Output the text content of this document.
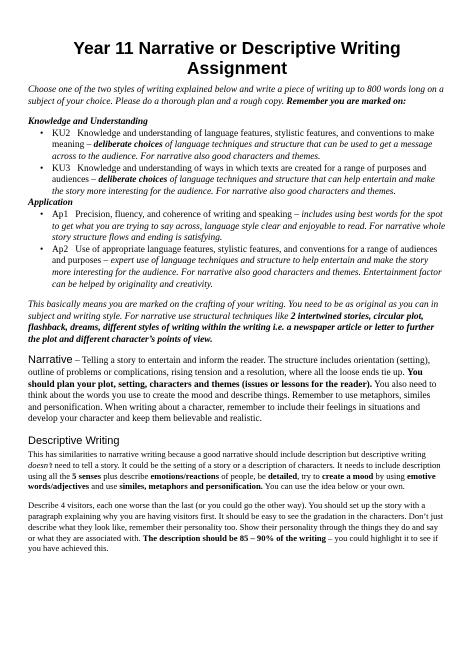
Year 11 Narrative or Descriptive Writing Assignment

Choose one of the two styles of writing explained below and write a piece of writing up to 800 words long on a subject of your choice. Please do a thorough plan and a rough copy. Remember you are marked on:

Knowledge and Understanding
• KU2 Knowledge and understanding of language features, stylistic features, and conventions to make meaning – deliberate choices of language techniques and structure that can be used to get a message across to the audience. For narrative also good characters and themes.
• KU3 Knowledge and understanding of ways in which texts are created for a range of purposes and audiences – deliberate choices of language techniques and structure that can help entertain and make the story more interesting for the audience. For narrative also good characters and themes.
Application
• Ap1 Precision, fluency, and coherence of writing and speaking – includes using best words for the spot to get what you are trying to say across, language style clear and enjoyable to read. For narrative whole story structure flows and ending is satisfying.
• Ap2 Use of appropriate language features, stylistic features, and conventions for a range of audiences and purposes – expert use of language techniques and structure to help entertain and make the story more interesting for the audience. For narrative also good characters and themes. Entertainment factor can be helped by originality and creativity.

This basically means you are marked on the crafting of your writing. You need to be as original as you can in subject and writing style. For narrative use structural techniques like 2 intertwined stories, circular plot, flashback, dreams, different styles of writing within the writing i.e. a newspaper article or letter to further the plot and different character’s points of view.

Narrative – Telling a story to entertain and inform the reader. The structure includes orientation (setting), outline of problems or complications, rising tension and a resolution, where all the loose ends tie up. You should plan your plot, setting, characters and themes (issues or lessons for the reader). You also need to think about the words you use to create the mood and describe things. Remember to use metaphors, similes and personification. When writing about a character, remember to include their feelings in situations and develop your character and keep them believable and realistic.

Descriptive Writing

This has similarities to narrative writing because a good narrative should include description but descriptive writing doesn’t need to tell a story. It could be the setting of a story or a description of characters. It needs to include description using all the 5 senses plus describe emotions/reactions of people, be detailed, try to create a mood by using emotive words/adjectives and use similes, metaphors and personification. You can use the idea below or your own.

Describe 4 visitors, each one worse than the last (or you could go the other way). You should set up the story with a paragraph explaining why you are having visitors first. It should be easy to see the gradation in the characters. Don’t just describe what they look like, remember their personality too. Show their personality through the things they do and say or what they are associated with. The description should be 85 – 90% of the writing – you could highlight it to see if you have achieved this.
